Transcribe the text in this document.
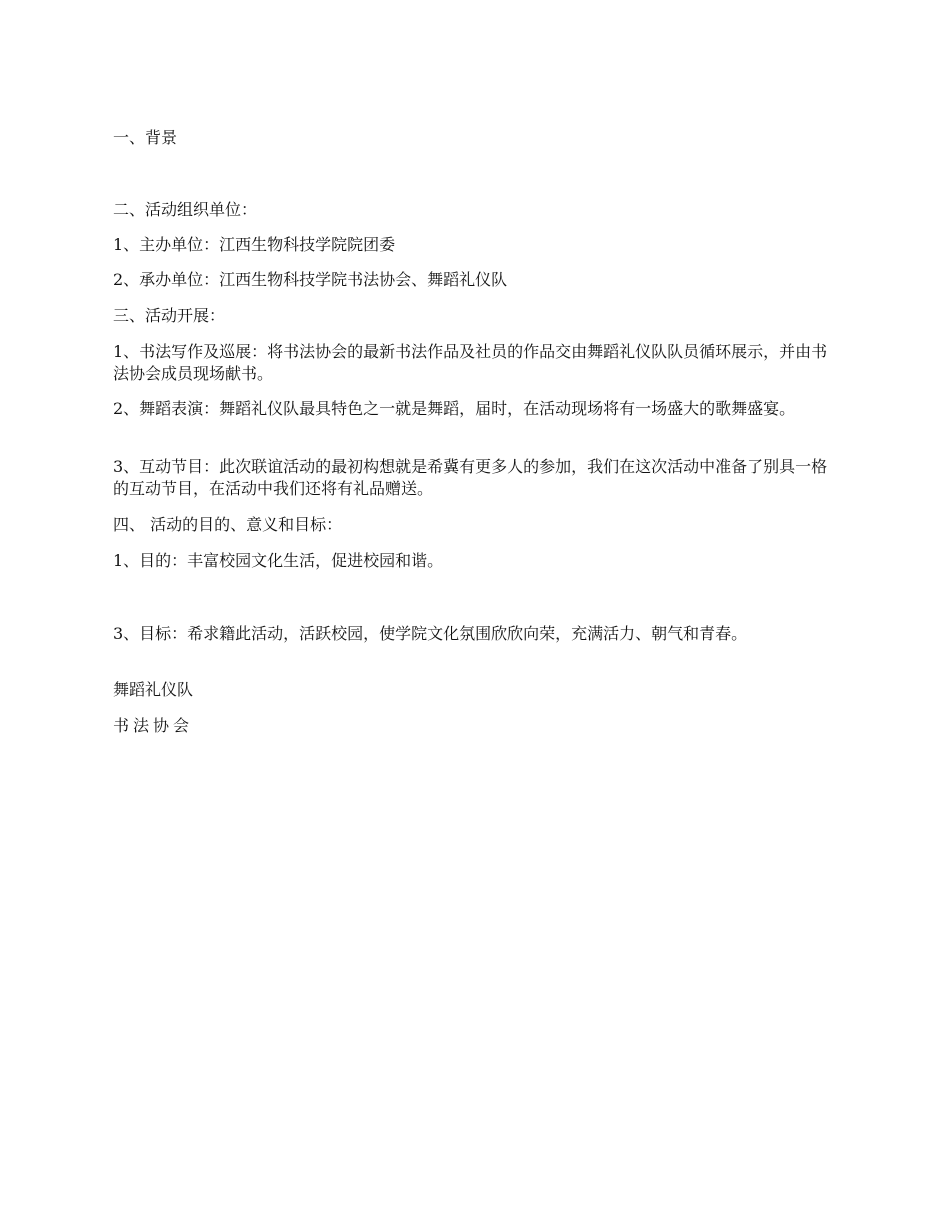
一、背景
二、活动组织单位：
1、主办单位：江西生物科技学院院团委
2、承办单位：江西生物科技学院书法协会、舞蹈礼仪队
三、活动开展：
1、书法写作及巡展：将书法协会的最新书法作品及社员的作品交由舞蹈礼仪队队员循环展示，并由书法协会成员现场献书。
2、舞蹈表演：舞蹈礼仪队最具特色之一就是舞蹈，届时，在活动现场将有一场盛大的歌舞盛宴。
3、互动节目：此次联谊活动的最初构想就是希冀有更多人的参加，我们在这次活动中准备了别具一格的互动节目，在活动中我们还将有礼品赠送。
四、 活动的目的、意义和目标：
1、目的：丰富校园文化生活，促进校园和谐。
3、目标：希求籍此活动，活跃校园，使学院文化氛围欣欣向荣，充满活力、朝气和青春。
舞蹈礼仪队
书法协会
